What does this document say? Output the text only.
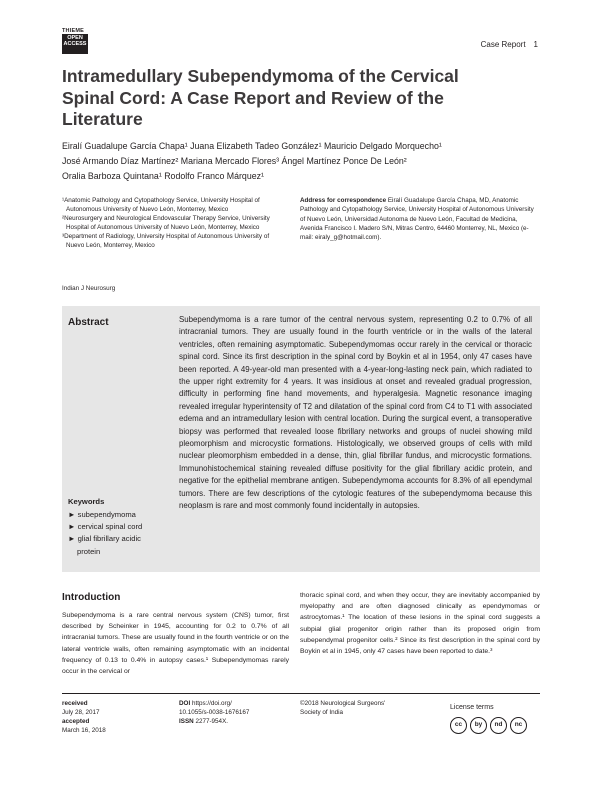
THIEME
OPEN
ACCESS	Case Report 1
Intramedullary Subependymoma of the Cervical Spinal Cord: A Case Report and Review of the Literature
Eiralí Guadalupe García Chapa¹ Juana Elizabeth Tadeo González¹ Mauricio Delgado Morquecho¹
José Armando Díaz Martínez² Mariana Mercado Flores³ Ángel Martínez Ponce De León²
Oralia Barboza Quintana¹ Rodolfo Franco Márquez¹

¹Anatomic Pathology and Cytopathology Service, University Hospital of Autonomous University of Nuevo León, Monterrey, Mexico

²Neurosurgery and Neurological Endovascular Therapy Service, University Hospital of Autonomous University of Nuevo León, Monterrey, Mexico

³Department of Radiology, University Hospital of Autonomous University of Nuevo León, Monterrey, Mexico

Address for correspondence Eiralí Guadalupe García Chapa, MD, Anatomic Pathology and Cytopathology Service, University Hospital of Autonomous University of Nuevo León, Universidad Autonoma de Nuevo León, Facultad de Medicina, Avenida Francisco I. Madero S/N, Mitras Centro, 64460 Monterrey, NL, Mexico (e-mail: eiraly_g@hotmail.com).
Indian J Neurosurg
Abstract	Subependymoma is a rare tumor of the central nervous system, representing 0.2 to 0.7% of all intracranial tumors. They are usually found in the fourth ventricle or in the walls of the lateral ventricles, often remaining asymptomatic. Subependymomas occur rarely in the cervical or thoracic spinal cord. Since its first description in the spinal cord by Boykin et al in 1954, only 47 cases have been reported. A 49-year-old man presented with a 4-year-long-lasting neck pain, which radiated to the upper right extremity for 4 years. It was insidious at onset and revealed gradual progression, difficulty in performing fine hand movements, and hyperalgesia. Magnetic resonance imaging revealed irregular hyperintensity of T2 and dilatation of the spinal cord from C4 to T1 with associated edema and an intramedullary lesion with central location. During the surgical event, a transoperative biopsy was performed that revealed loose fibrillary networks and groups of nuclei showing mild pleomorphism and microcystic formations. Histologically, we observed groups of cells with mild nuclear pleomorphism embedded in a dense, thin, glial fibrillar fundus, and microcystic formations. Immunohistochemical staining revealed diffuse positivity for the glial fibrillary acidic protein, and negative for the epithelial membrane antigen. Subependymoma accounts for 8.3% of all ependymal tumors. There are few descriptions of the cytologic features of the subependymoma because this neoplasm is rare and most commonly found incidentally in autopsies.
Keywords
► subependymoma
► cervical spinal cord
► glial fibrillary acidic protein
Introduction
Subependymoma is a rare central nervous system (CNS) tumor, first described by Scheinker in 1945, accounting for 0.2 to 0.7% of all intracranial tumors. These are usually found in the fourth ventricle or on the lateral ventricle walls, often remaining asymptomatic with an incidental frequency of 0.13 to 0.4% in autopsy cases.¹ Subependymomas rarely occur in the cervical or
thoracic spinal cord, and when they occur, they are inevitably accompanied by myelopathy and are often diagnosed clinically as ependymomas or astrocytomas.¹ The location of these lesions in the spinal cord suggests a subpial glial progenitor origin rather than its proposed origin from subependymal progenitor cells.² Since its first description in the spinal cord by Boykin et al in 1945, only 47 cases have been reported to date.³
received
July 28, 2017
accepted
March 16, 2018
DOI https://doi.org/
10.1055/s-0038-1676167
ISSN 2277-954X.
©2018 Neurological Surgeons'
Society of India
License terms
cc	by	nd	nc
